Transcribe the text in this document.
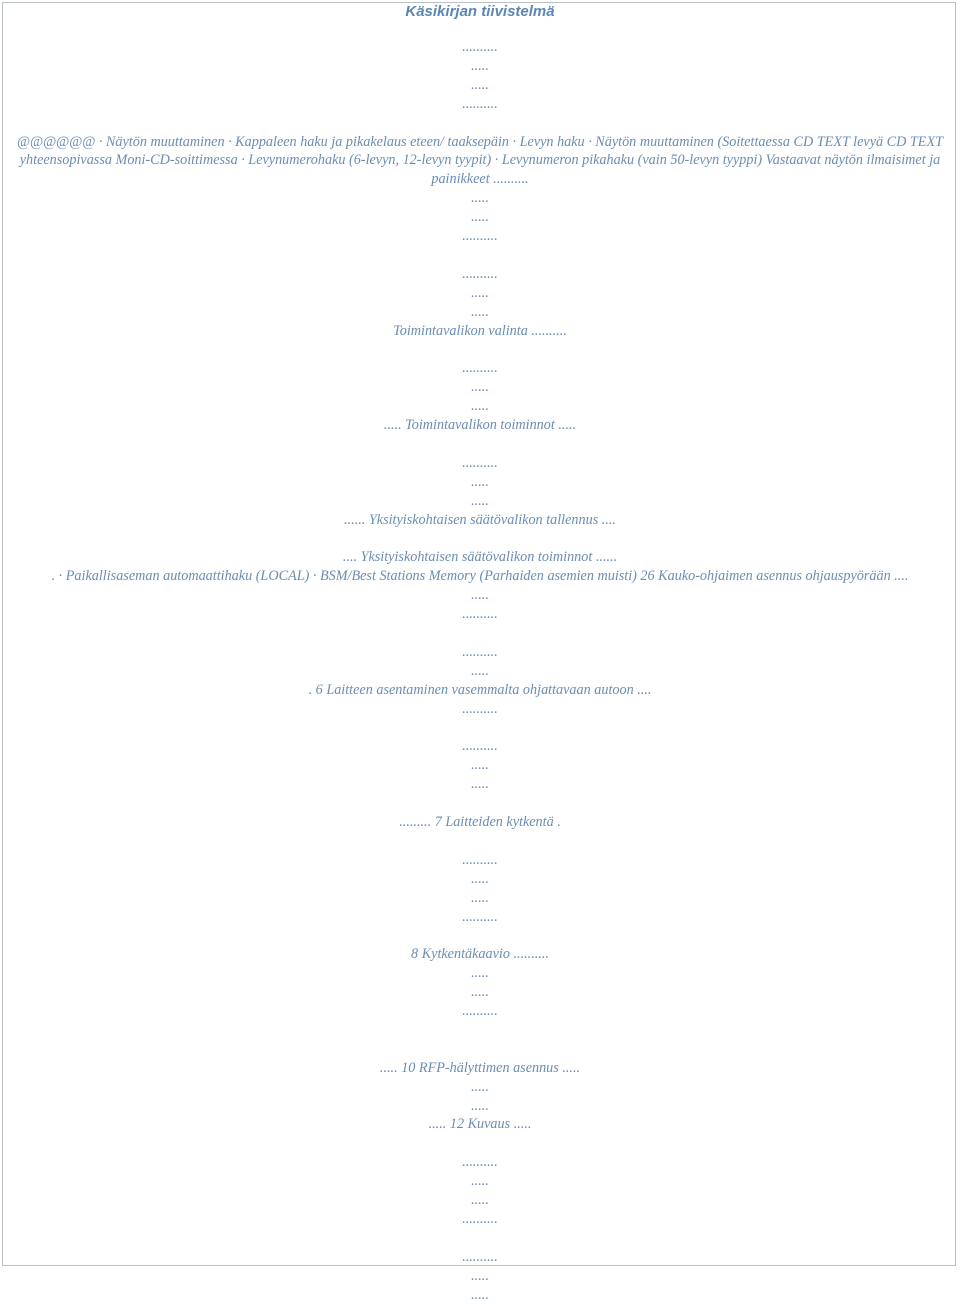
Käsikirjan tiivistelmä
..........
.....
.....
..........
@@@@@@ · Näytön muuttaminen · Kappaleen haku ja pikakelaus eteen/ taaksepäin · Levyn haku · Näytön muuttaminen (Soitettaessa CD TEXT levyä CD TEXT yhteensopivassa Moni-CD-soittimessa · Levynumerohaku (6-levyn, 12-levyn tyypit) · Levynumeron pikahaku (vain 50-levyn tyyppi) Vastaavat näytön ilmaisimet ja painikkeet ..........
.....
.....
..........
..........
.....
.....
Toimintavalikon valinta ..........
..........
.....
.....
..... Toimintavalikon toiminnot .....
..........
.....
.....
...... Yksityiskohtaisen säätövalikon tallennus ....
.... Yksityiskohtaisen säätövalikon toiminnot ......
. · Paikallisaseman automaattihaku (LOCAL) · BSM/Best Stations Memory (Parhaiden asemien muisti) 26 Kauko-ohjaimen asennus ohjauspyörään ....
.....
..........
..........
.....
. 6 Laitteen asentaminen vasemmalta ohjattavaan autoon ....
..........
..........
.....
.....
......... 7 Laitteiden kytkentä .
..........
.....
.....
..........
8 Kytkentäkaavio ..........
.....
.....
..........
..... 10 RFP-hälyttimen asennus .....
.....
.....
..... 12 Kuvaus .....
..........
.....
.....
..........
..........
.....
.....
